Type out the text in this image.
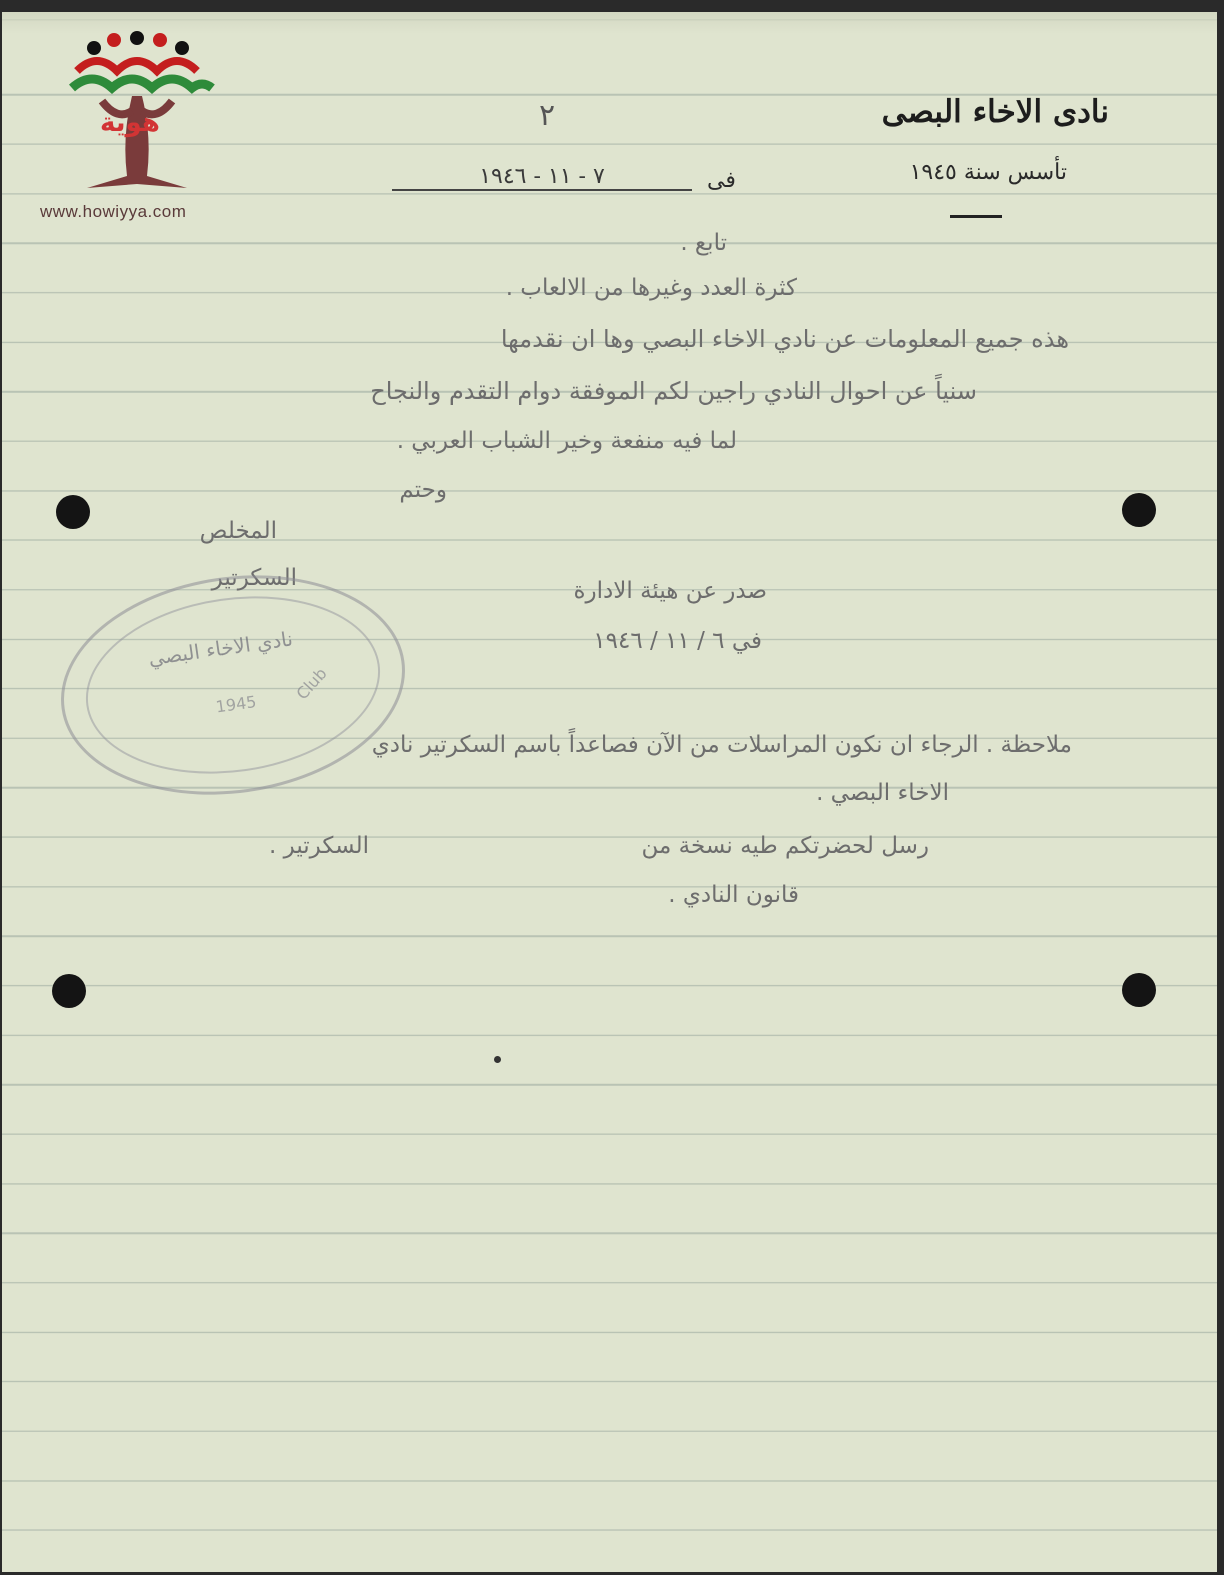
www.howiyya.com
هوية	نادى الاخاء البصى
تأسس سنة ١٩٤٥
٢
فى
٧ - ١١ - ١٩٤٦
تابع .
كثرة العدد وغيرها من الالعاب .
هذه جميع المعلومات عن نادي الاخاء البصي وها ان نقدمها
سنياً عن احوال النادي راجين لكم الموفقة دوام التقدم والنجاح
لما فيه منفعة وخير الشباب العربي .
وحتم
المخلص
السكرتير
نادي الاخاء البصي
1945
Club
صدر عن هيئة الادارة
في ٦ / ١١ / ١٩٤٦
ملاحظة . الرجاء ان نكون المراسلات من الآن فصاعداً باسم السكرتير نادي
الاخاء البصي .
رسل لحضرتكم طيه نسخة من
قانون النادي .
السكرتير .
